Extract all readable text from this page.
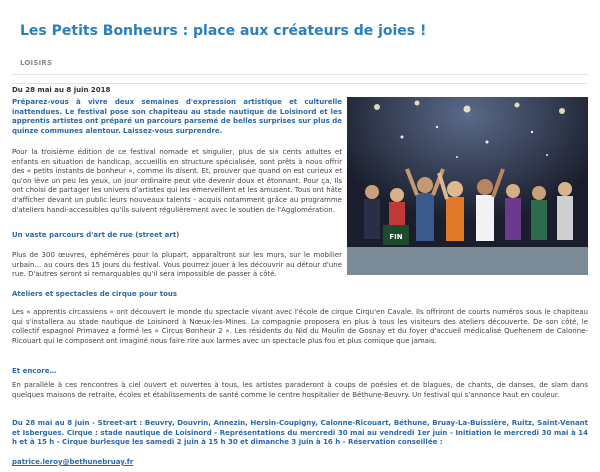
Les Petits Bonheurs : place aux créateurs de joies !
LOISIRS
Du 28 mai au 8 juin 2018

Préparez-vous à vivre deux semaines d'expression artistique et culturelle inattendues. Le festival pose son chapiteau au stade nautique de Loisinord et les apprentis artistes ont préparé un parcours parsemé de belles surprises sur plus de quinze communes alentour. Laissez-vous surprendre.

Pour la troisième édition de ce festival nomade et singulier, plus de six cents adultes et enfants en situation de handicap, accueillis en structure spécialisée, sont prêts à nous offrir des « petits instants de bonheur », comme ils disent. Et, prouver que quand on est curieux et qu'on lève un peu les yeux, un jour ordinaire peut vite devenir doux et étonnant. Pour ça, Ils ont choisi de partager les univers d'artistes qui les émerveillent et les amusent. Tous ont hâte d'afficher devant un public leurs nouveaux talents - acquis notamment grâce au programme d'ateliers handi-accessibles qu'ils suivent régulièrement avec le soutien de l'Agglomération.

FIN
Un vaste parcours d'art de rue (street art)

Plus de 300 œuvres, éphémères pour la plupart, apparaîtront sur les murs, sur le mobilier urbain… au cours des 15 jours du festival. Vous pourrez jouer à les découvrir au détour d'une rue. D'autres seront si remarquables qu'il sera impossible de passer à côté.

Ateliers et spectacles de cirque pour tous

Les « apprentis circassiens » ont découvert le monde du spectacle vivant avec l'école de cirque Cirqu'en Cavale. Ils offriront de courts numéros sous le chapiteau qui s'installera au stade nautique de Loisinord à Nœux-les-Mines. La compagnie proposera en plus à tous les visiteurs des ateliers découverte. De son côté, le collectif espagnol Primavez a formé les « Circus Bonheur 2 ». Les résidents du Nid du Moulin de Gosnay et du foyer d'accueil médicalisé Quehenem de Calonne-Ricouart qui le composent ont imaginé nous faire rire aux larmes avec un spectacle plus fou et plus comique que jamais.

Et encore…

En parallèle à ces rencontres à ciel ouvert et ouvertes à tous, les artistes paraderont à coups de poésies et de blagues, de chants, de danses, de slam dans quelques maisons de retraite, écoles et établissements de santé comme le centre hospitalier de Béthune-Beuvry. Un festival qui s'annonce haut en couleur.

Du 28 mai au 8 juin - Street-art : Beuvry, Douvrin, Annezin, Hersin-Coupigny, Calonne-Ricouart, Béthune, Bruay-La-Buissière, Ruitz, Saint-Venant et Isbergues. Cirque : stade nautique de Loisinord - Représentations du mercredi 30 mai au vendredi 1er juin - Initiation le mercredi 30 mai à 14 h et à 15 h - Cirque burlesque les samedi 2 juin à 15 h 30 et dimanche 3 juin à 16 h - Réservation conseillée :

patrice.leroy@bethunebruay.fr
